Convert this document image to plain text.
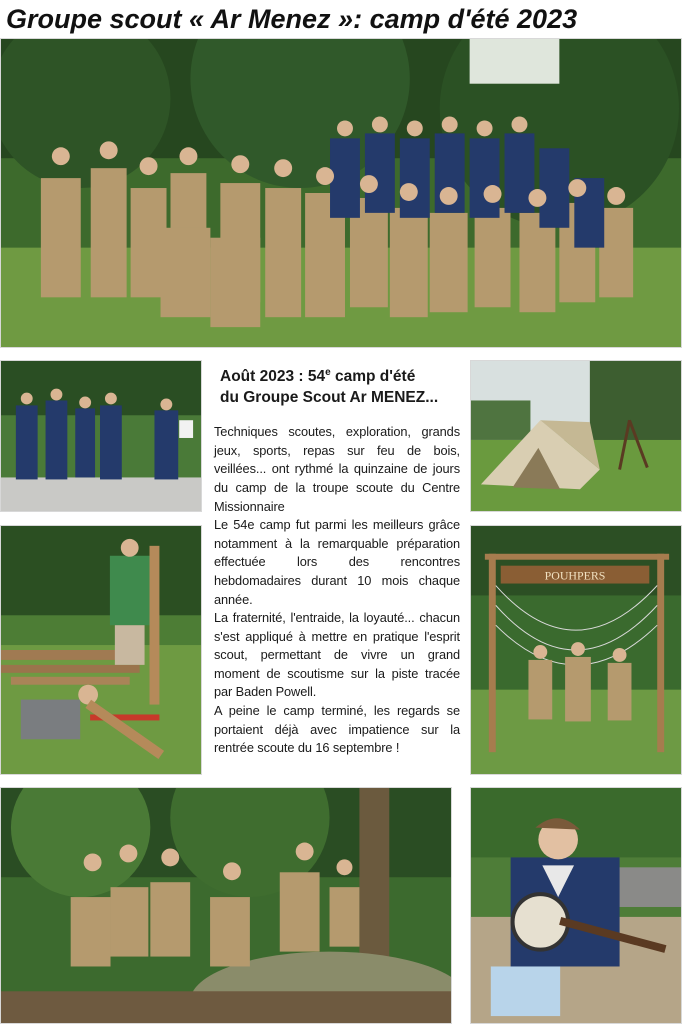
Groupe scout « Ar Menez »: camp d'été 2023
POUHPERS
Août 2023 : 54e camp d'été
du Groupe Scout Ar MENEZ...

Techniques scoutes, exploration, grands jeux, sports, repas sur feu de bois, veillées... ont rythmé la quinzaine de jours du camp de la troupe scoute du Centre Missionnaire

Le 54e camp fut parmi les meilleurs grâce notamment à la remarquable préparation effectuée lors des rencontres hebdomadaires durant 10 mois chaque année.

La fraternité, l'entraide, la loyauté... chacun s'est appliqué à mettre en pratique l'esprit scout, permettant de vivre un grand moment de scoutisme sur la piste tracée par Baden Powell.

A peine le camp terminé, les regards se portaient déjà avec impatience sur la rentrée scoute du 16 septembre !
